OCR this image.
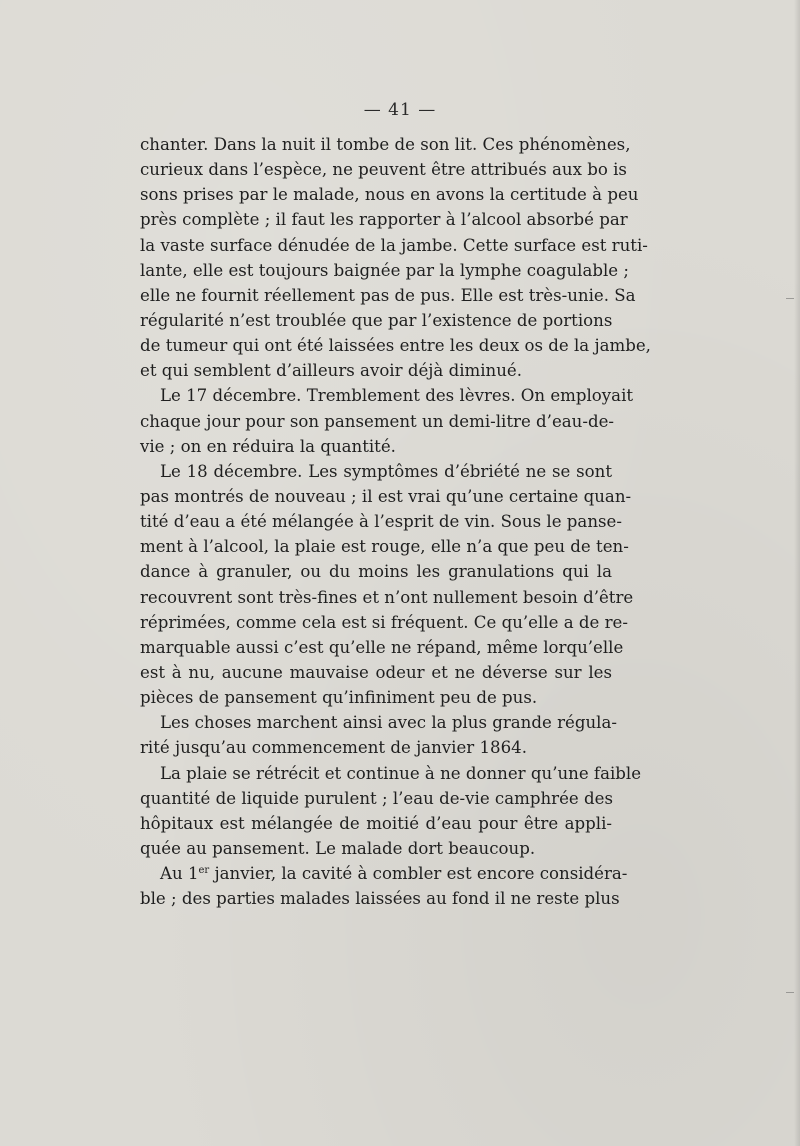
— 41 —
chanter. Dans la nuit il tombe de son lit. Ces phénomènes,
curieux dans l’espèce, ne peuvent être attribués aux bo is
sons prises par le malade, nous en avons la certitude à peu
près complète ; il faut les rapporter à l’alcool absorbé par
la vaste surface dénudée de la jambe. Cette surface est ruti-
lante, elle est toujours baignée par la lymphe coagulable ;
elle ne fournit réellement pas de pus. Elle est très-unie. Sa
régularité n’est troublée que par l’existence de portions
de tumeur qui ont été laissées entre les deux os de la jambe,
et qui semblent d’ailleurs avoir déjà diminué.
Le 17 décembre. Tremblement des lèvres. On employait
chaque jour pour son pansement un demi-litre d’eau-de-
vie ; on en réduira la quantité.
Le 18 décembre. Les symptômes d’ébriété ne se sont
pas montrés de nouveau ; il est vrai qu’une certaine quan-
tité d’eau a été mélangée à l’esprit de vin. Sous le panse-
ment à l’alcool, la plaie est rouge, elle n’a que peu de ten-
dance à granuler, ou du moins les granulations qui la
recouvrent sont très-fines et n’ont nullement besoin d’être
réprimées, comme cela est si fréquent. Ce qu’elle a de re-
marquable aussi c’est qu’elle ne répand, même lorqu’elle
est à nu, aucune mauvaise odeur et ne déverse sur les
pièces de pansement qu’infiniment peu de pus.
Les choses marchent ainsi avec la plus grande régula-
rité jusqu’au commencement de janvier 1864.
La plaie se rétrécit et continue à ne donner qu’une faible
quantité de liquide purulent ; l’eau de-vie camphrée des
hôpitaux est mélangée de moitié d’eau pour être appli-
quée au pansement. Le malade dort beaucoup.
Au 1er janvier, la cavité à combler est encore considéra-
ble ; des parties malades laissées au fond il ne reste plus
